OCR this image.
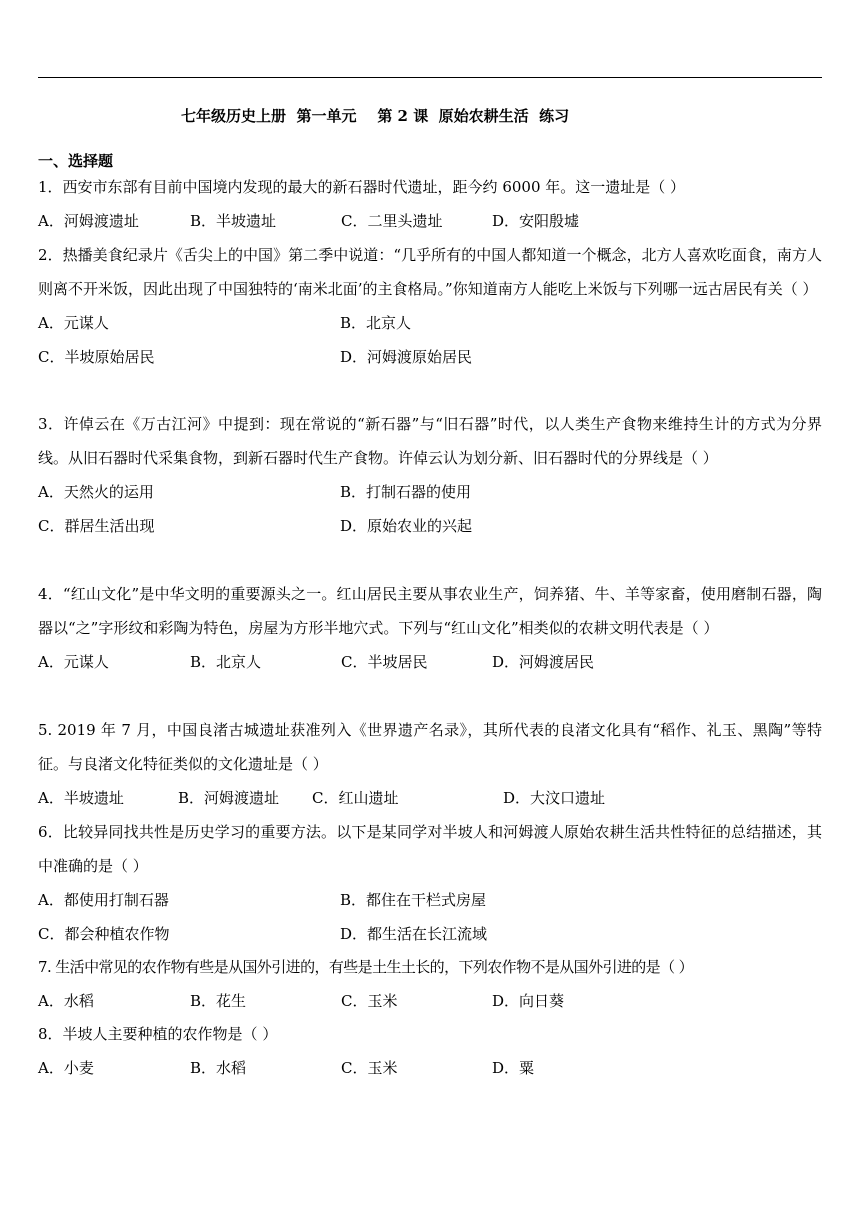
七年级历史上册  第一单元    第 2 课  原始农耕生活  练习
一、选择题

1．西安市东部有目前中国境内发现的最大的新石器时代遗址，距今约 6000 年。这一遗址是（ ）

A．河姆渡遗址	B．半坡遗址	C．二里头遗址	D．安阳殷墟

2．热播美食纪录片《舌尖上的中国》第二季中说道：“几乎所有的中国人都知道一个概念，北方人喜欢吃面食，南方人则离不开米饭，因此出现了中国独特的‘南米北面’的主食格局。”你知道南方人能吃上米饭与下列哪一远古居民有关（ ）

A．元谋人	B．北京人
C．半坡原始居民	D．河姆渡原始居民

3．许倬云在《万古江河》中提到：现在常说的“新石器”与“旧石器”时代，以人类生产食物来维持生计的方式为分界线。从旧石器时代采集食物，到新石器时代生产食物。许倬云认为划分新、旧石器时代的分界线是（ ）

A．天然火的运用	B．打制石器的使用
C．群居生活出现	D．原始农业的兴起

4．“红山文化”是中华文明的重要源头之一。红山居民主要从事农业生产，饲养猪、牛、羊等家畜，使用磨制石器，陶器以“之”字形纹和彩陶为特色，房屋为方形半地穴式。下列与“红山文化”相类似的农耕文明代表是（ ）

A．元谋人	B．北京人	C．半坡居民	D．河姆渡居民

5. 2019 年 7 月，中国良渚古城遗址获准列入《世界遗产名录》，其所代表的良渚文化具有“稻作、礼玉、黑陶”等特征。与良渚文化特征类似的文化遗址是（ ）

A．半坡遗址	B．河姆渡遗址 C．红山遗址	D．大汶口遗址

6．比较异同找共性是历史学习的重要方法。以下是某同学对半坡人和河姆渡人原始农耕生活共性特征的总结描述，其中准确的是（ ）

A．都使用打制石器	B．都住在干栏式房屋
C．都会种植农作物	D．都生活在长江流域

7. 生活中常见的农作物有些是从国外引进的，有些是土生土长的，下列农作物不是从国外引进的是（ ）

A．水稻	B．花生	C．玉米	D．向日葵

8．半坡人主要种植的农作物是（ ）

A．小麦	B．水稻	C．玉米	D．粟
